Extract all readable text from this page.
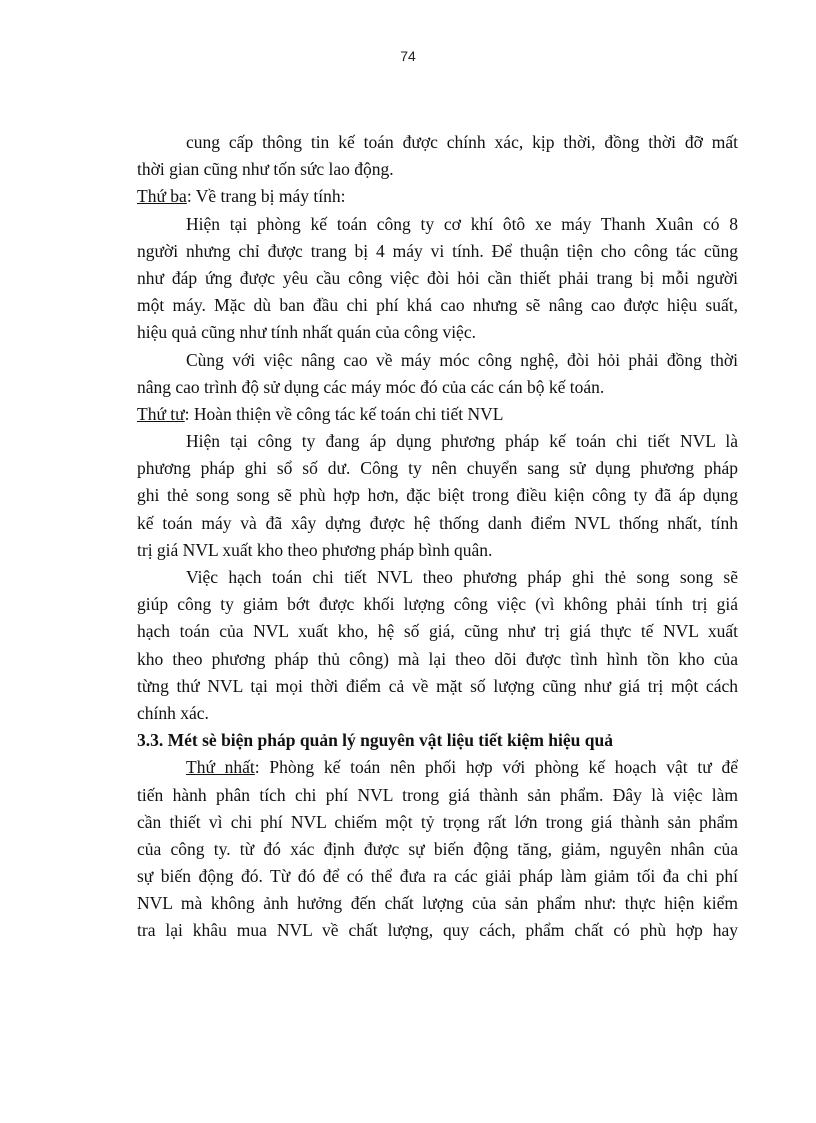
74
cung cấp thông tin kế toán được chính xác, kịp thời, đồng thời đỡ mất
thời gian cũng như tốn sức lao động.
Thứ ba: Về trang bị máy tính:
Hiện tại phòng kế toán công ty cơ khí ôtô xe máy Thanh Xuân có 8
người nhưng chỉ được trang bị 4 máy vi tính. Để thuận tiện cho công tác cũng
như đáp ứng được yêu cầu công việc đòi hỏi cần thiết phải trang bị mỗi người
một máy. Mặc dù ban đầu chi phí khá cao nhưng sẽ nâng cao được hiệu suất,
hiệu quả cũng như tính nhất quán của công việc.
Cùng với việc nâng cao về máy móc công nghệ, đòi hỏi phải đồng thời
nâng cao trình độ sử dụng các máy móc đó của các cán bộ kế toán.
Thứ tư: Hoàn thiện về công tác kế toán chi tiết NVL
Hiện tại công ty đang áp dụng phương pháp kế toán chi tiết NVL là
phương pháp ghi sổ số dư. Công ty nên chuyển sang sử dụng phương pháp
ghi thẻ song song sẽ phù hợp hơn, đặc biệt trong điều kiện công ty đã áp dụng
kế toán máy và đã xây dựng được hệ thống danh điểm NVL thống nhất, tính
trị giá NVL xuất kho theo phương pháp bình quân.
Việc hạch toán chi tiết NVL theo phương pháp ghi thẻ song song sẽ
giúp công ty giảm bớt được khối lượng công việc (vì không phải tính trị giá
hạch toán của NVL xuất kho, hệ số giá, cũng như trị giá thực tế NVL xuất
kho theo phương pháp thủ công) mà lại theo dõi được tình hình tồn kho của
từng thứ NVL tại mọi thời điểm cả về mặt số lượng cũng như giá trị một cách
chính xác.
3.3. Mét sè biện pháp quản lý nguyên vật liệu tiết kiệm hiệu quả
Thứ nhất: Phòng kế toán nên phối hợp với phòng kế hoạch vật tư để
tiến hành phân tích chi phí NVL trong giá thành sản phẩm. Đây là việc làm
cần thiết vì chi phí NVL chiếm một tỷ trọng rất lớn trong giá thành sản phẩm
của công ty. từ đó xác định được sự biến động tăng, giảm, nguyên nhân của
sự biến động đó. Từ đó để có thể đưa ra các giải pháp làm giảm tối đa chi phí
NVL mà không ảnh hưởng đến chất lượng của sản phẩm như: thực hiện kiểm
tra lại khâu mua NVL về chất lượng, quy cách, phẩm chất có phù hợp hay
